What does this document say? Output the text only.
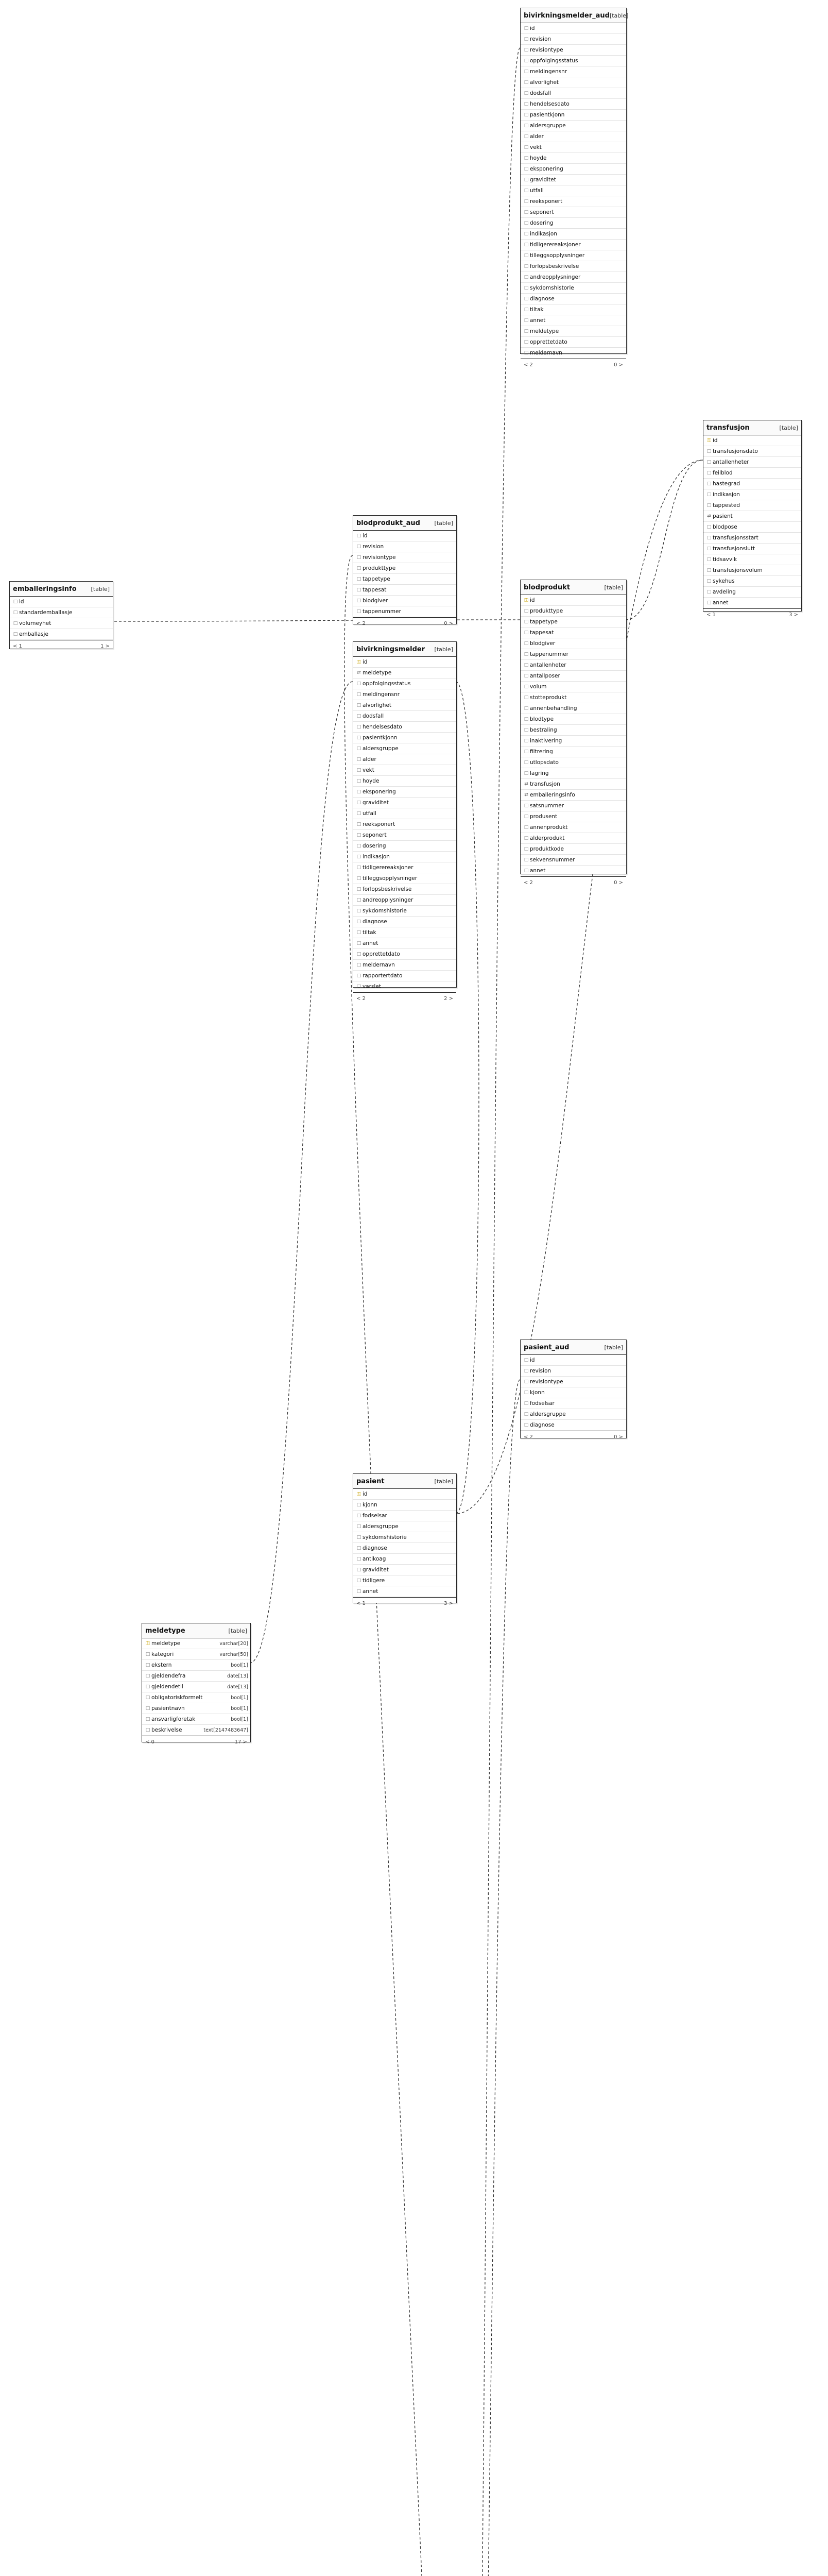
emballeringsinfo	[table]
□ id
□ standardemballasje
□ volumeyhet
□ emballasje
< 1	1 >
meldetype	[table]
⚿ meldetype	varchar[20]
□ kategori	varchar[50]
□ ekstern	bool[1]
□ gjeldendefra	date[13]
□ gjeldendetil	date[13]
□ obligatoriskformelt	bool[1]
□ pasientnavn	bool[1]
□ ansvarligforetak	bool[1]
□ beskrivelse	text[2147483647]
< 0	17 >
bivirkningsmelder_aud [table]
□ id
□ revision
□ revisiontype
□ oppfolgingsstatus
□ meldingensnr
□ alvorlighet
□ dodsfall
□ hendelsesdato
□ pasientkjonn
□ aldersgruppe
□ alder
□ vekt
□ hoyde
□ eksponering
□ graviditet
□ utfall
□ reeksponert
□ seponert
□ dosering
□ indikasjon
□ tidligerereaksjoner
□ tilleggsopplysninger
□ forlopsbeskrivelse
□ andreopplysninger
□ sykdomshistorie
□ diagnose
□ tiltak
□ annet
□ meldetype
□ opprettetdato
□ meldernavn
< 2	0 >
blodprodukt_aud	[table]
□ id
□ revision
□ revisiontype
□ produkttype
□ tappetype
□ tappesat
□ blodgiver
□ tappenummer
< 2	0 >
bivirkningsmelder [table]
⚿ id
⇄ meldetype
□ oppfolgingsstatus
□ meldingensnr
□ alvorlighet
□ dodsfall
□ hendelsesdato
□ pasientkjonn
□ aldersgruppe
□ alder
□ vekt
□ hoyde
□ eksponering
□ graviditet
□ utfall
□ reeksponert
□ seponert
□ dosering
□ indikasjon
□ tidligerereaksjoner
□ tilleggsopplysninger
□ forlopsbeskrivelse
□ andreopplysninger
□ sykdomshistorie
□ diagnose
□ tiltak
□ annet
□ opprettetdato
□ meldernavn
□ rapportertdato
□ varslet
< 2	2 >
blodprodukt	[table]
⚿ id
□ produkttype
□ tappetype
□ tappesat
□ blodgiver
□ tappenummer
□ antallenheter
□ antallposer
□ volum
□ stotteprodukt
□ annenbehandling
□ blodtype
□ bestraling
□ inaktivering
□ filtrering
□ utlopsdato
□ lagring
⇄ transfusjon
⇄ emballeringsinfo
□ satsnummer
□ produsent
□ annenprodukt
□ alderprodukt
□ produktkode
□ sekvensnummer
□ annet
< 2	0 >
transfusjon	[table]
⚿ id
□ transfusjonsdato
□ antallenheter
□ feilblod
□ hastegrad
□ indikasjon
□ tappested
⇄ pasient
□ blodpose
□ transfusjonsstart
□ transfusjonslutt
□ tidsavvik
□ transfusjonsvolum
□ sykehus
□ avdeling
□ annet
< 1	3 >
pasient	[table]
⚿ id
□ kjonn
□ fodselsar
□ aldersgruppe
□ sykdomshistorie
□ diagnose
□ antikoag
□ graviditet
□ tidligere
□ annet
< 1	3 >
pasient_aud	[table]
□ id
□ revision
□ revisiontype
□ kjonn
□ fodselsar
□ aldersgruppe
□ diagnose
< 2	0 >
